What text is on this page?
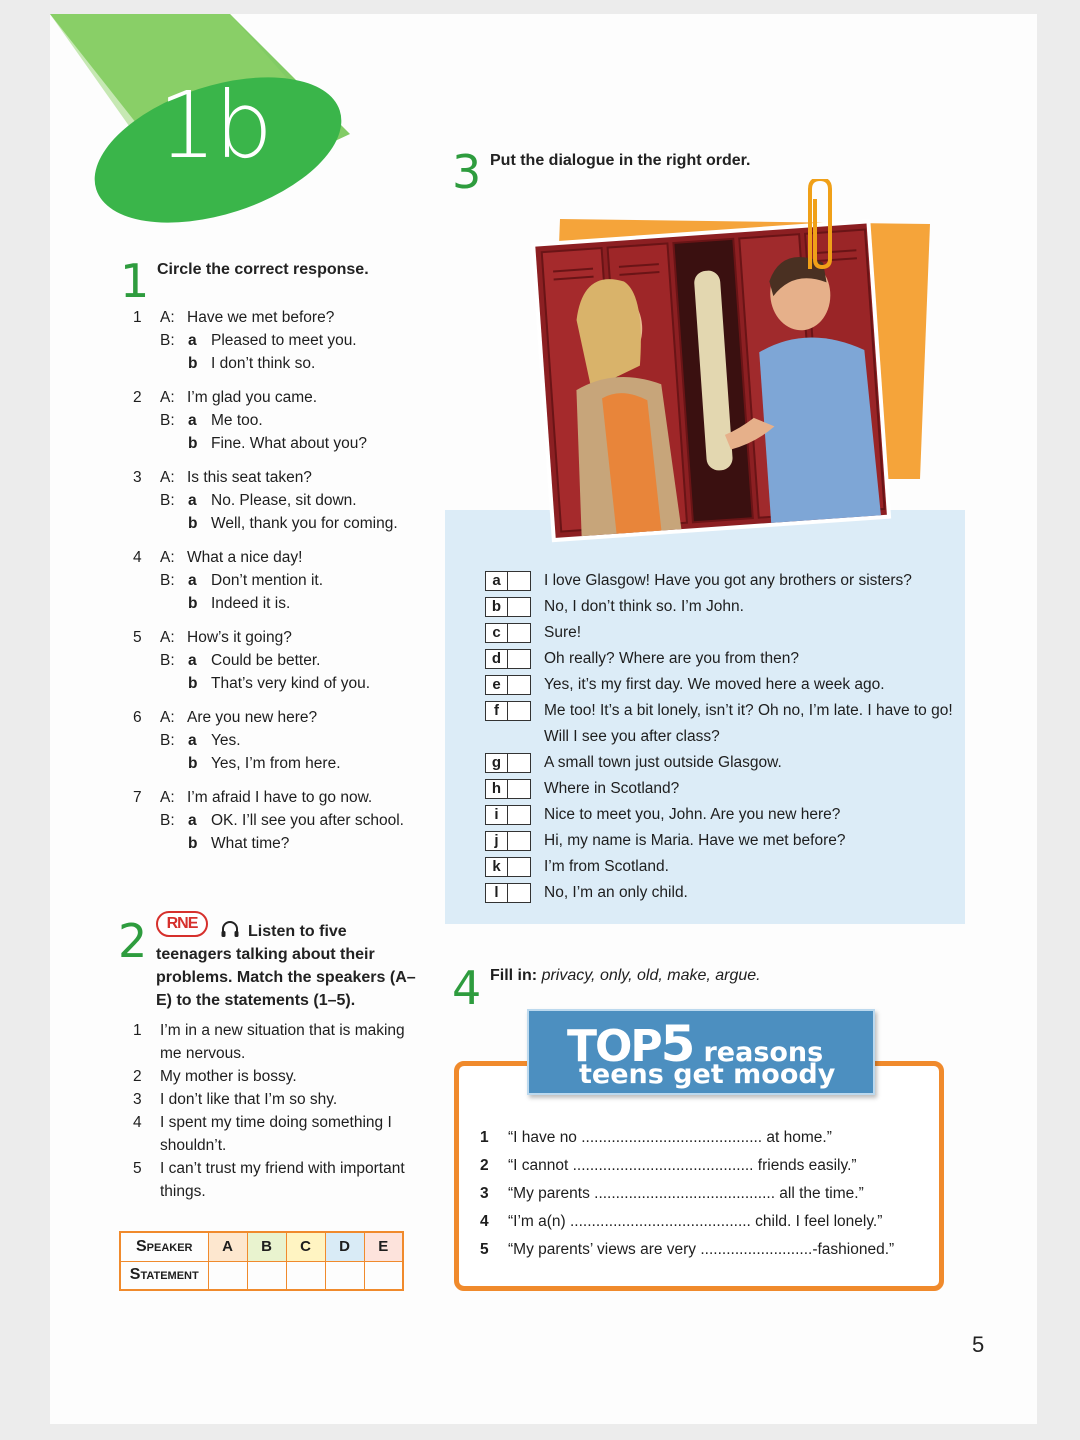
1b
1 Circle the correct response.
1	A: Have we met before?
B: a Pleased to meet you.
b I don’t think so.
2	A: I’m glad you came.
B: a Me too.
b Fine. What about you?
3	A: Is this seat taken?
B: a No. Please, sit down.
b Well, thank you for coming.
4	A: What a nice day!
B: a Don’t mention it.
b Indeed it is.
5	A: How’s it going?
B: a Could be better.
b That’s very kind of you.
6	A: Are you new here?
B: a Yes.
b Yes, I’m from here.
7	A: I’m afraid I have to go now.
B: a OK. I’ll see you after school.
b What time?
2	RNE	Listen to five teenagers talking about their problems. Match the speakers (A–E) to the statements (1–5).
1 I’m in a new situation that is making me nervous.
2 My mother is bossy.
3 I don’t like that I’m so shy.
4 I spent my time doing something I shouldn’t.
5 I can’t trust my friend with important things.
Speaker	A	B	C	D	E
Statement					
3 Put the dialogue in the right order.
a	I love Glasgow! Have you got any brothers or sisters?
b	No, I don’t think so. I’m John.
c	Sure!
d	Oh really? Where are you from then?
e	Yes, it’s my first day. We moved here a week ago.
f	Me too! It’s a bit lonely, isn’t it? Oh no, I’m late. I have to go! Will I see you after class?
g	A small town just outside Glasgow.
h	Where in Scotland?
i	Nice to meet you, John. Are you new here?
j	Hi, my name is Maria. Have we met before?
k	I’m from Scotland.
l	No, I’m an only child.
4 Fill in: privacy, only, old, make, argue.
TOP5 reasons
teens get moody
1 “I have no .......................................... at home.”
2 “I cannot .......................................... friends easily.”
3 “My parents .......................................... all the time.”
4 “I’m a(n) .......................................... child. I feel lonely.”
5 “My parents’ views are very ..........................-fashioned.”
5
